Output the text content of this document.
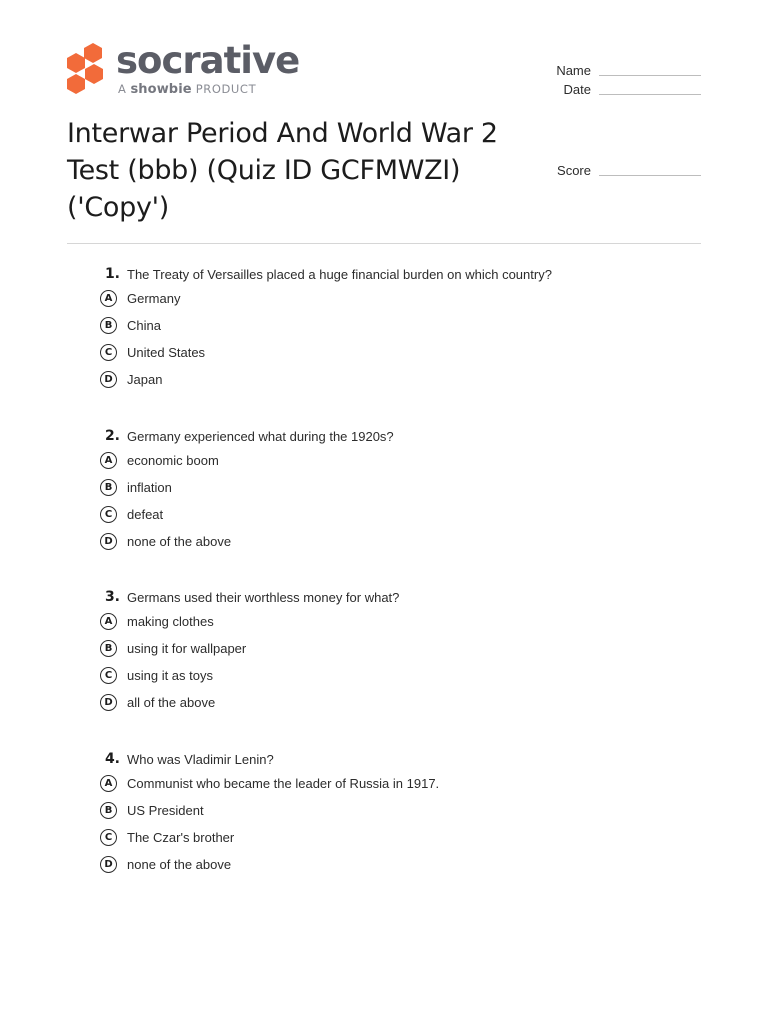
socrative
A showbie PRODUCT
Name
Date
Score
Interwar Period And World War 2 Test (bbb) (Quiz ID GCFMWZI) ('Copy')
1. The Treaty of Versailles placed a huge financial burden on which country?
A	Germany
B	China
C	United States
D	Japan
2. Germany experienced what during the 1920s?
A	economic boom
B	inflation
C	defeat
D	none of the above
3. Germans used their worthless money for what?
A	making clothes
B	using it for wallpaper
C	using it as toys
D	all of the above
4. Who was Vladimir Lenin?
A	Communist who became the leader of Russia in 1917.
B	US President
C	The Czar's brother
D	none of the above
